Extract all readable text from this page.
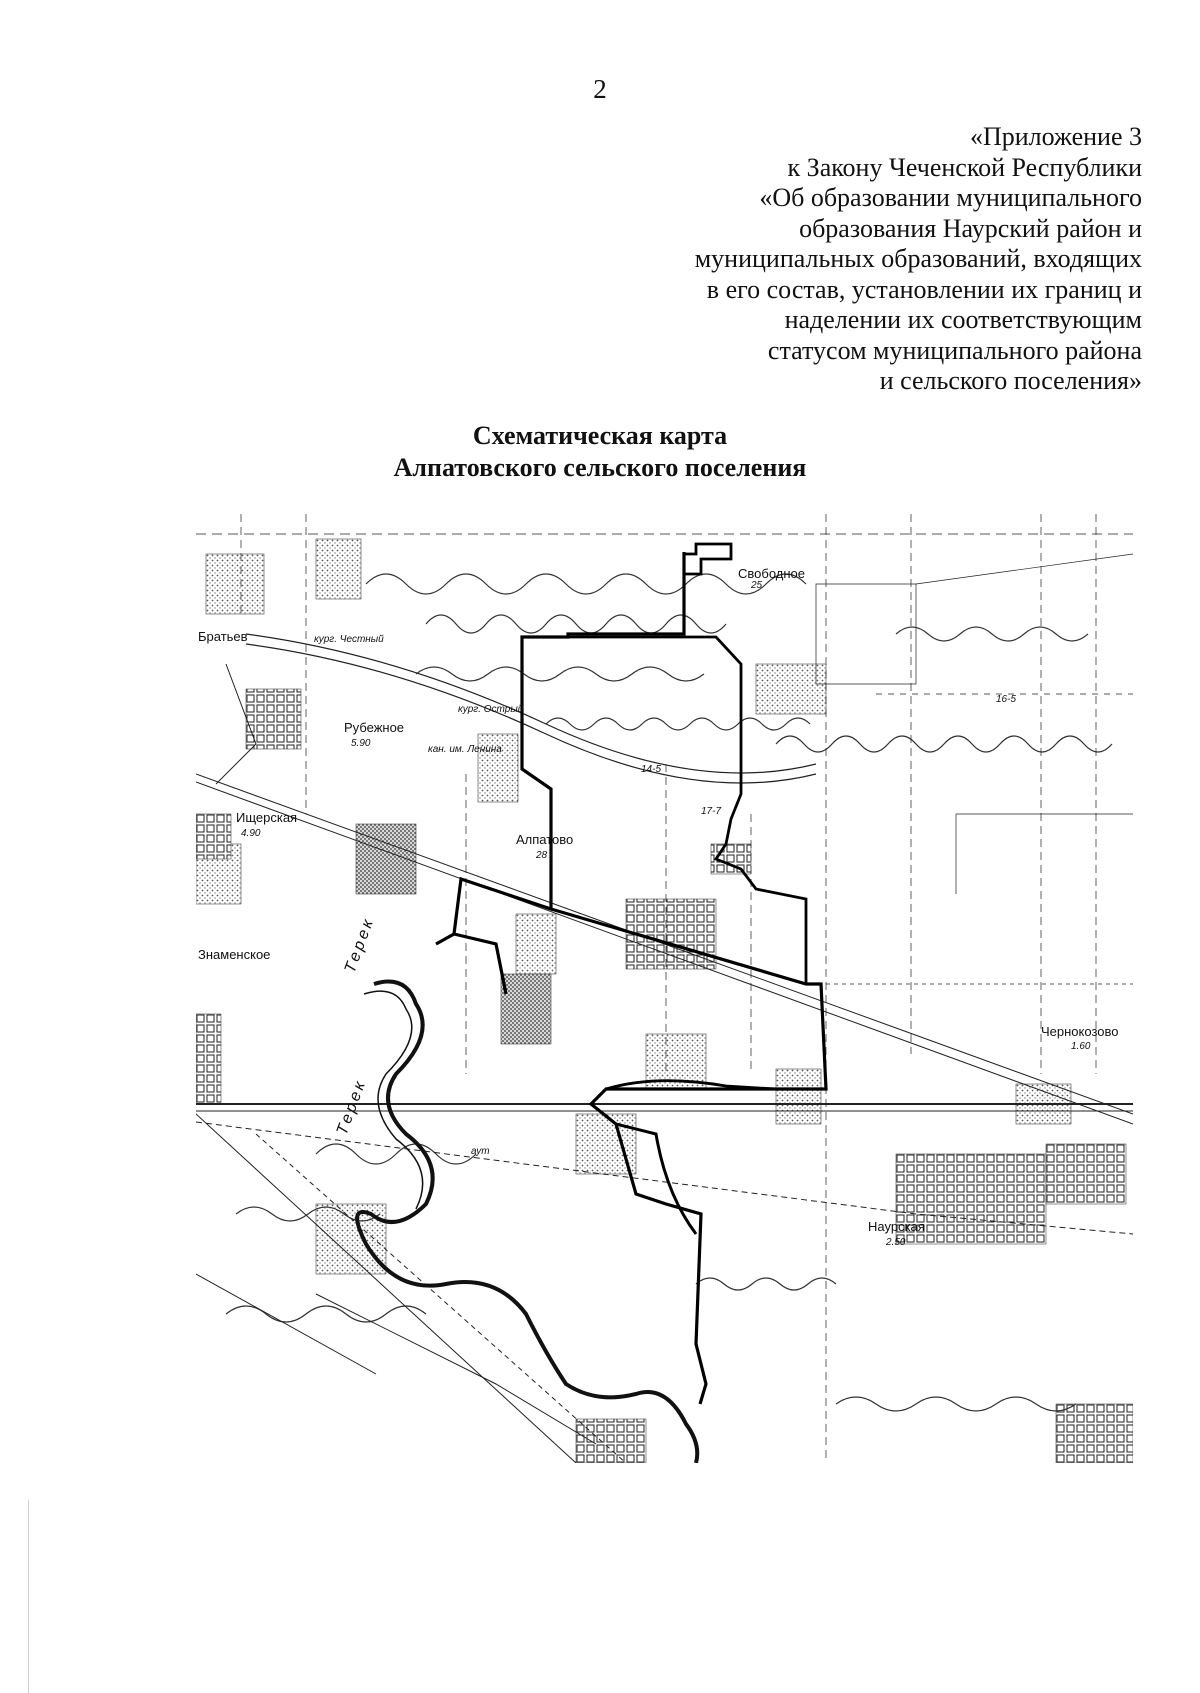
2
«Приложение 3
к Закону Чеченской Республики
«Об образовании муниципального
образования Наурский район и
муниципальных образований, входящих
в его состав, установлении их границ и
наделении их соответствующим
статусом муниципального района
и сельского поселения»
Схематическая карта
Алпатовского сельского поселения
Свободное
Братьев	кург. Честный
кург. Острый
Рубежное
кан. им. Ленина
Ищерская
Алпатово
Знаменское
Чернокозово
Наурская
Терек
Терек
25
5.90
4.90
28
1.60
2.50
аут
14-5
17-7
16-5
